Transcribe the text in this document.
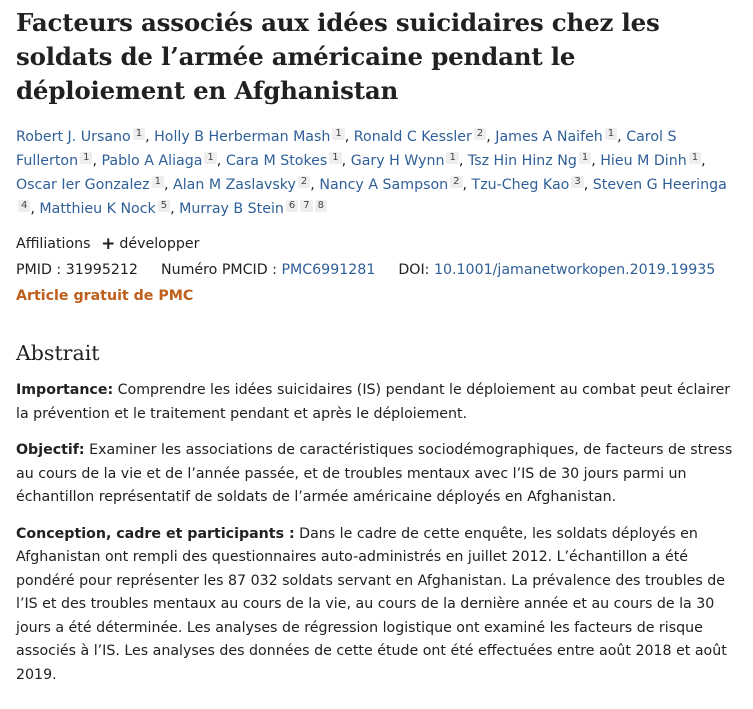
Facteurs associés aux idées suicidaires chez les soldats de l’armée américaine pendant le déploiement en Afghanistan
Robert J. Ursano 1 , Holly B Herberman Mash 1 , Ronald C Kessler 2 , James A Naifeh 1 , Carol S Fullerton 1 , Pablo A Aliaga 1 , Cara M Stokes 1 , Gary H Wynn 1 , Tsz Hin Hinz Ng 1 , Hieu M Dinh 1 , Oscar Ier Gonzalez 1 , Alan M Zaslavsky 2 , Nancy A Sampson 2 , Tzu-Cheg Kao 3 , Steven G Heeringa4 , Matthieu K Nock 5 , Murray B Stein 6 7 8
Affiliations + développer
PMID : 31995212 Numéro PMCID : PMC6991281 DOI: 10.1001/jamanetworkopen.2019.19935
Article gratuit de PMC
Abstrait

Importance: Comprendre les idées suicidaires (IS) pendant le déploiement au combat peut éclairer la prévention et le traitement pendant et après le déploiement.

Objectif: Examiner les associations de caractéristiques sociodémographiques, de facteurs de stress au cours de la vie et de l’année passée, et de troubles mentaux avec l’IS de 30 jours parmi un échantillon représentatif de soldats de l’armée américaine déployés en Afghanistan.

Conception, cadre et participants : Dans le cadre de cette enquête, les soldats déployés en Afghanistan ont rempli des questionnaires auto-administrés en juillet 2012. L’échantillon a été pondéré pour représenter les 87 032 soldats servant en Afghanistan. La prévalence des troubles de l’IS et des troubles mentaux au cours de la vie, au cours de la dernière année et au cours de la 30 jours a été déterminée. Les analyses de régression logistique ont examiné les facteurs de risque associés à l’IS. Les analyses des données de cette étude ont été effectuées entre août 2018 et août 2019.
